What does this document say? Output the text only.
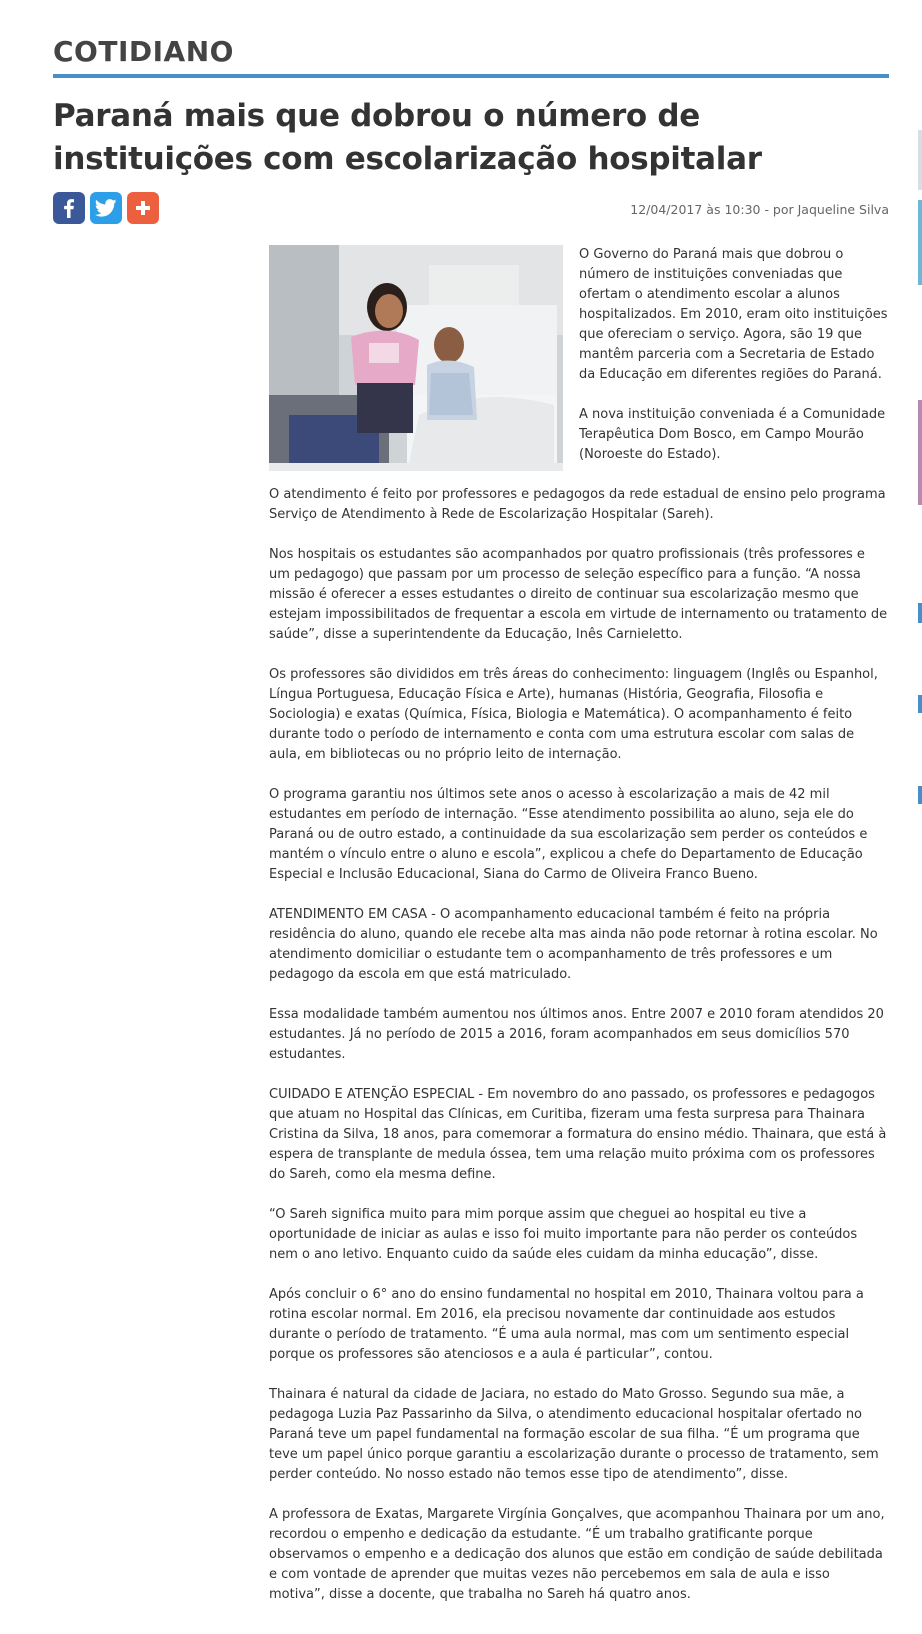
COTIDIANO
Paraná mais que dobrou o número de instituições com escolarização hospitalar
12/04/2017 às 10:30 - por Jaqueline Silva

O Governo do Paraná mais que dobrou o número de instituições conveniadas que ofertam o atendimento escolar a alunos hospitalizados. Em 2010, eram oito instituições que ofereciam o serviço. Agora, são 19 que mantêm parceria com a Secretaria de Estado da Educação em diferentes regiões do Paraná.

A nova instituição conveniada é a Comunidade Terapêutica Dom Bosco, em Campo Mourão (Noroeste do Estado).

O atendimento é feito por professores e pedagogos da rede estadual de ensino pelo programa Serviço de Atendimento à Rede de Escolarização Hospitalar (Sareh).

Nos hospitais os estudantes são acompanhados por quatro profissionais (três professores e um pedagogo) que passam por um processo de seleção específico para a função. “A nossa missão é oferecer a esses estudantes o direito de continuar sua escolarização mesmo que estejam impossibilitados de frequentar a escola em virtude de internamento ou tratamento de saúde”, disse a superintendente da Educação, Inês Carnieletto.

Os professores são divididos em três áreas do conhecimento: linguagem (Inglês ou Espanhol, Língua Portuguesa, Educação Física e Arte), humanas (História, Geografia, Filosofia e Sociologia) e exatas (Química, Física, Biologia e Matemática). O acompanhamento é feito durante todo o período de internamento e conta com uma estrutura escolar com salas de aula, em bibliotecas ou no próprio leito de internação.

O programa garantiu nos últimos sete anos o acesso à escolarização a mais de 42 mil estudantes em período de internação. “Esse atendimento possibilita ao aluno, seja ele do Paraná ou de outro estado, a continuidade da sua escolarização sem perder os conteúdos e mantém o vínculo entre o aluno e escola”, explicou a chefe do Departamento de Educação Especial e Inclusão Educacional, Siana do Carmo de Oliveira Franco Bueno.

ATENDIMENTO EM CASA - O acompanhamento educacional também é feito na própria residência do aluno, quando ele recebe alta mas ainda não pode retornar à rotina escolar. No atendimento domiciliar o estudante tem o acompanhamento de três professores e um pedagogo da escola em que está matriculado.

Essa modalidade também aumentou nos últimos anos. Entre 2007 e 2010 foram atendidos 20 estudantes. Já no período de 2015 a 2016, foram acompanhados em seus domicílios 570 estudantes.

CUIDADO E ATENÇÃO ESPECIAL - Em novembro do ano passado, os professores e pedagogos que atuam no Hospital das Clínicas, em Curitiba, fizeram uma festa surpresa para Thainara Cristina da Silva, 18 anos, para comemorar a formatura do ensino médio. Thainara, que está à espera de transplante de medula óssea, tem uma relação muito próxima com os professores do Sareh, como ela mesma define.

“O Sareh significa muito para mim porque assim que cheguei ao hospital eu tive a oportunidade de iniciar as aulas e isso foi muito importante para não perder os conteúdos nem o ano letivo. Enquanto cuido da saúde eles cuidam da minha educação”, disse.

Após concluir o 6° ano do ensino fundamental no hospital em 2010, Thainara voltou para a rotina escolar normal. Em 2016, ela precisou novamente dar continuidade aos estudos durante o período de tratamento. “É uma aula normal, mas com um sentimento especial porque os professores são atenciosos e a aula é particular”, contou.

Thainara é natural da cidade de Jaciara, no estado do Mato Grosso. Segundo sua mãe, a pedagoga Luzia Paz Passarinho da Silva, o atendimento educacional hospitalar ofertado no Paraná teve um papel fundamental na formação escolar de sua filha. “É um programa que teve um papel único porque garantiu a escolarização durante o processo de tratamento, sem perder conteúdo. No nosso estado não temos esse tipo de atendimento”, disse.

A professora de Exatas, Margarete Virgínia Gonçalves, que acompanhou Thainara por um ano, recordou o empenho e dedicação da estudante. “É um trabalho gratificante porque observamos o empenho e a dedicação dos alunos que estão em condição de saúde debilitada e com vontade de aprender que muitas vezes não percebemos em sala de aula e isso motiva”, disse a docente, que trabalha no Sareh há quatro anos.
